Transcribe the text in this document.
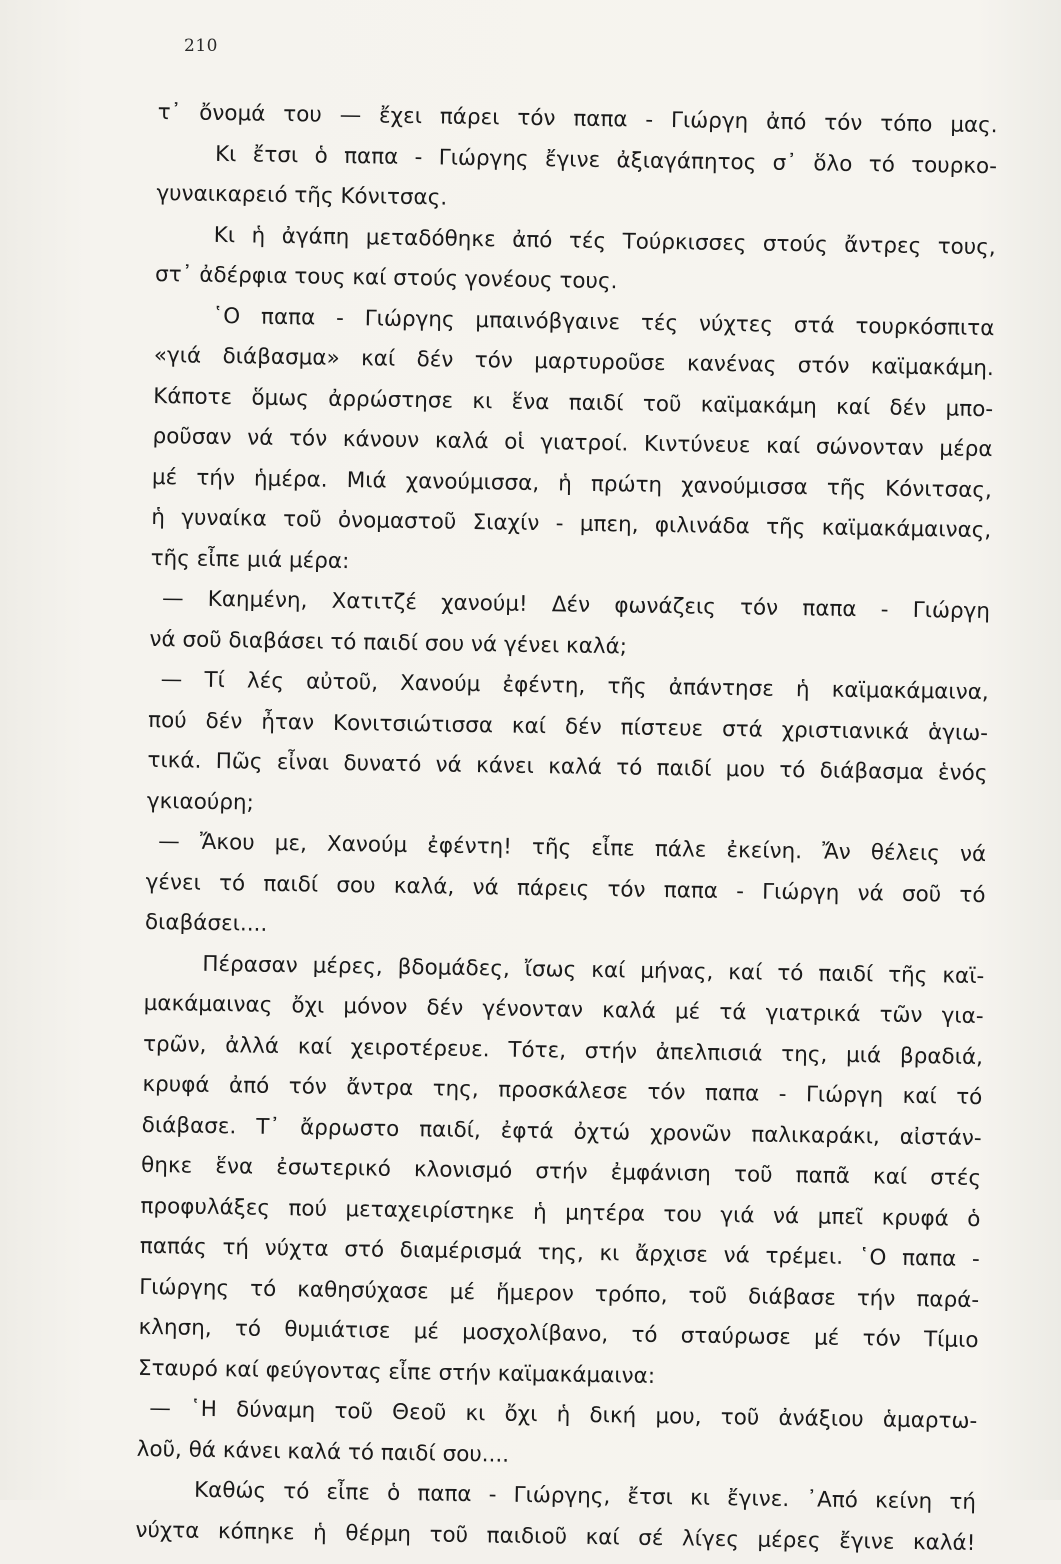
210
τ᾽ ὄνομά του — ἔχει πάρει τόν παπα - Γιώργη ἀπό τόν τόπο μας.
Κι ἔτσι ὁ παπα - Γιώργης ἔγινε ἀξιαγάπητος σ᾽ ὅλο τό τουρκο-
γυναικαρειό τῆς Κόνιτσας.
Κι ἡ ἀγάπη μεταδόθηκε ἀπό τές Τούρκισσες στούς ἄντρες τους,
στ᾽ ἀδέρφια τους καί στούς γονέους τους.
῾Ο παπα - Γιώργης μπαινόβγαινε τές νύχτες στά τουρκόσπιτα
«γιά διάβασμα» καί δέν τόν μαρτυροῦσε κανένας στόν καϊμακάμη.
Κάποτε ὅμως ἀρρώστησε κι ἕνα παιδί τοῦ καϊμακάμη καί δέν μπο-
ροῦσαν νά τόν κάνουν καλά οἱ γιατροί. Κιντύνευε καί σώνονταν μέρα
μέ τήν ἡμέρα. Μιά χανούμισσα, ἡ πρώτη χανούμισσα τῆς Κόνιτσας,
ἡ γυναίκα τοῦ ὀνομαστοῦ Σιαχίν - μπεη, φιλινάδα τῆς καϊμακάμαινας,
τῆς εἶπε μιά μέρα:
— Καημένη, Χατιτζέ χανούμ! Δέν φωνάζεις τόν παπα - Γιώργη
νά σοῦ διαβάσει τό παιδί σου νά γένει καλά;
— Τί λές αὐτοῦ, Χανούμ ἐφέντη, τῆς ἀπάντησε ἡ καϊμακάμαινα,
πού δέν ἦταν Κονιτσιώτισσα καί δέν πίστευε στά χριστιανικά ἁγιω-
τικά. Πῶς εἶναι δυνατό νά κάνει καλά τό παιδί μου τό διάβασμα ἑνός
γκιαούρη;
— Ἄκου με, Χανούμ ἐφέντη! τῆς εἶπε πάλε ἐκείνη. Ἄν θέλεις νά
γένει τό παιδί σου καλά, νά πάρεις τόν παπα - Γιώργη νά σοῦ τό
διαβάσει....
Πέρασαν μέρες, βδομάδες, ἴσως καί μήνας, καί τό παιδί τῆς καϊ-
μακάμαινας ὄχι μόνον δέν γένονταν καλά μέ τά γιατρικά τῶν για-
τρῶν, ἀλλά καί χειροτέρευε. Τότε, στήν ἀπελπισιά της, μιά βραδιά,
κρυφά ἀπό τόν ἄντρα της, προσκάλεσε τόν παπα - Γιώργη καί τό
διάβασε. Τ᾽ ἄρρωστο παιδί, ἐφτά ὀχτώ χρονῶν παλικαράκι, αἰστάν-
θηκε ἕνα ἐσωτερικό κλονισμό στήν ἐμφάνιση τοῦ παπᾶ καί στές
προφυλάξες πού μεταχειρίστηκε ἡ μητέρα του γιά νά μπεῖ κρυφά ὁ
παπάς τή νύχτα στό διαμέρισμά της, κι ἄρχισε νά τρέμει. ῾Ο παπα -
Γιώργης τό καθησύχασε μέ ἥμερον τρόπο, τοῦ διάβασε τήν παρά-
κληση, τό θυμιάτισε μέ μοσχολίβανο, τό σταύρωσε μέ τόν Τίμιο
Σταυρό καί φεύγοντας εἶπε στήν καϊμακάμαινα:
— ῾Η δύναμη τοῦ Θεοῦ κι ὄχι ἡ δική μου, τοῦ ἀνάξιου ἁμαρτω-
λοῦ, θά κάνει καλά τό παιδί σου....
Καθώς τό εἶπε ὁ παπα - Γιώργης, ἔτσι κι ἔγινε. ᾿Από κείνη τή
νύχτα κόπηκε ἡ θέρμη τοῦ παιδιοῦ καί σέ λίγες μέρες ἔγινε καλά!
